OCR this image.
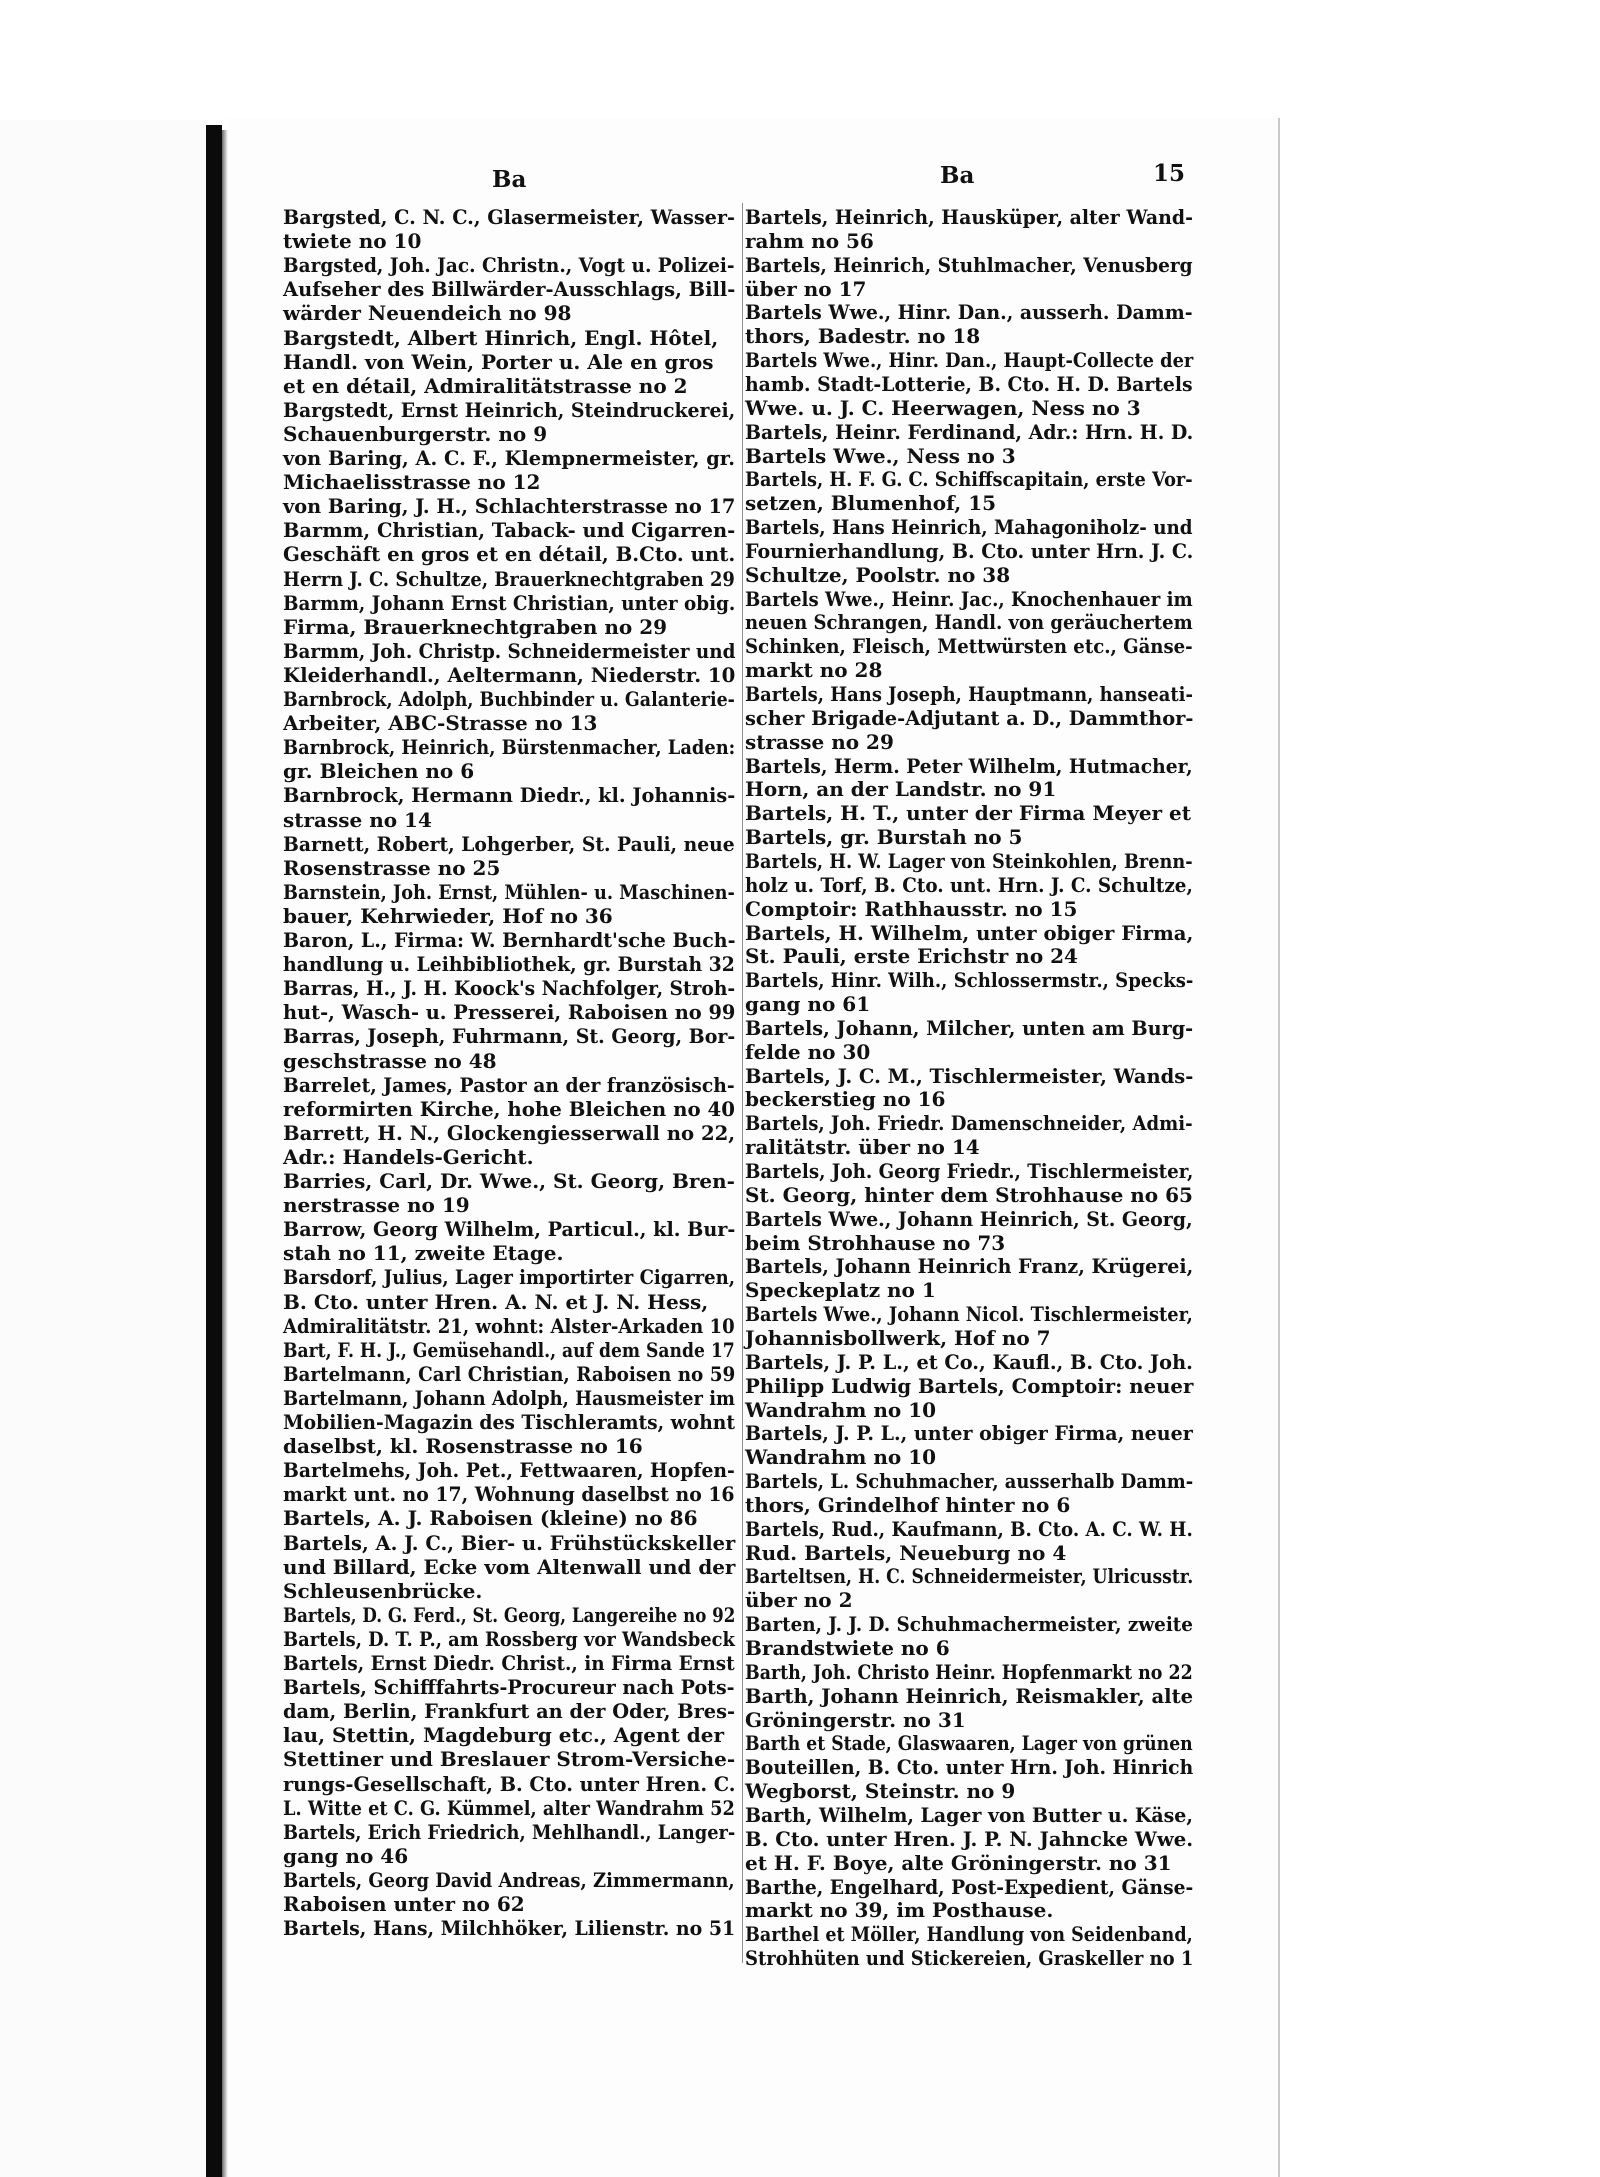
Ba	Ba	15
Bargsted, C. N. C., Glasermeister, Wasser-
twiete no 10
Bargsted, Joh. Jac. Christn., Vogt u. Polizei-
Aufseher des Billwärder-Ausschlags, Bill-
wärder Neuendeich no 98
Bargstedt, Albert Hinrich, Engl. Hôtel,
Handl. von Wein, Porter u. Ale en gros
et en détail, Admiralitätstrasse no 2
Bargstedt, Ernst Heinrich, Steindruckerei,
Schauenburgerstr. no 9
von Baring, A. C. F., Klempnermeister, gr.
Michaelisstrasse no 12
von Baring, J. H., Schlachterstrasse no 17
Barmm, Christian, Taback- und Cigarren-
Geschäft en gros et en détail, B.Cto. unt.
Herrn J. C. Schultze, Brauerknechtgraben 29
Barmm, Johann Ernst Christian, unter obig.
Firma, Brauerknechtgraben no 29
Barmm, Joh. Christp. Schneidermeister und
Kleiderhandl., Aeltermann, Niederstr. 10
Barnbrock, Adolph, Buchbinder u. Galanterie-
Arbeiter, ABC-Strasse no 13
Barnbrock, Heinrich, Bürstenmacher, Laden:
gr. Bleichen no 6
Barnbrock, Hermann Diedr., kl. Johannis-
strasse no 14
Barnett, Robert, Lohgerber, St. Pauli, neue
Rosenstrasse no 25
Barnstein, Joh. Ernst, Mühlen- u. Maschinen-
bauer, Kehrwieder, Hof no 36
Baron, L., Firma: W. Bernhardt'sche Buch-
handlung u. Leihbibliothek, gr. Burstah 32
Barras, H., J. H. Koock's Nachfolger, Stroh-
hut-, Wasch- u. Presserei, Raboisen no 99
Barras, Joseph, Fuhrmann, St. Georg, Bor-
geschstrasse no 48
Barrelet, James, Pastor an der französisch-
reformirten Kirche, hohe Bleichen no 40
Barrett, H. N., Glockengiesserwall no 22,
Adr.: Handels-Gericht.
Barries, Carl, Dr. Wwe., St. Georg, Bren-
nerstrasse no 19
Barrow, Georg Wilhelm, Particul., kl. Bur-
stah no 11, zweite Etage.
Barsdorf, Julius, Lager importirter Cigarren,
B. Cto. unter Hren. A. N. et J. N. Hess,
Admiralitätstr. 21, wohnt: Alster-Arkaden 10
Bart, F. H. J., Gemüsehandl., auf dem Sande 17
Bartelmann, Carl Christian, Raboisen no 59
Bartelmann, Johann Adolph, Hausmeister im
Mobilien-Magazin des Tischleramts, wohnt
daselbst, kl. Rosenstrasse no 16
Bartelmehs, Joh. Pet., Fettwaaren, Hopfen-
markt unt. no 17, Wohnung daselbst no 16
Bartels, A. J. Raboisen (kleine) no 86
Bartels, A. J. C., Bier- u. Frühstückskeller
und Billard, Ecke vom Altenwall und der
Schleusenbrücke.
Bartels, D. G. Ferd., St. Georg, Langereihe no 92
Bartels, D. T. P., am Rossberg vor Wandsbeck
Bartels, Ernst Diedr. Christ., in Firma Ernst
Bartels, Schifffahrts-Procureur nach Pots-
dam, Berlin, Frankfurt an der Oder, Bres-
lau, Stettin, Magdeburg etc., Agent der
Stettiner und Breslauer Strom-Versiche-
rungs-Gesellschaft, B. Cto. unter Hren. C.
L. Witte et C. G. Kümmel, alter Wandrahm 52
Bartels, Erich Friedrich, Mehlhandl., Langer-
gang no 46
Bartels, Georg David Andreas, Zimmermann,
Raboisen unter no 62
Bartels, Hans, Milchhöker, Lilienstr. no 51
Bartels, Heinrich, Hausküper, alter Wand-
rahm no 56
Bartels, Heinrich, Stuhlmacher, Venusberg
über no 17
Bartels Wwe., Hinr. Dan., ausserh. Damm-
thors, Badestr. no 18
Bartels Wwe., Hinr. Dan., Haupt-Collecte der
hamb. Stadt-Lotterie, B. Cto. H. D. Bartels
Wwe. u. J. C. Heerwagen, Ness no 3
Bartels, Heinr. Ferdinand, Adr.: Hrn. H. D.
Bartels Wwe., Ness no 3
Bartels, H. F. G. C. Schiffscapitain, erste Vor-
setzen, Blumenhof, 15
Bartels, Hans Heinrich, Mahagoniholz- und
Fournierhandlung, B. Cto. unter Hrn. J. C.
Schultze, Poolstr. no 38
Bartels Wwe., Heinr. Jac., Knochenhauer im
neuen Schrangen, Handl. von geräuchertem
Schinken, Fleisch, Mettwürsten etc., Gänse-
markt no 28
Bartels, Hans Joseph, Hauptmann, hanseati-
scher Brigade-Adjutant a. D., Dammthor-
strasse no 29
Bartels, Herm. Peter Wilhelm, Hutmacher,
Horn, an der Landstr. no 91
Bartels, H. T., unter der Firma Meyer et
Bartels, gr. Burstah no 5
Bartels, H. W. Lager von Steinkohlen, Brenn-
holz u. Torf, B. Cto. unt. Hrn. J. C. Schultze,
Comptoir: Rathhausstr. no 15
Bartels, H. Wilhelm, unter obiger Firma,
St. Pauli, erste Erichstr no 24
Bartels, Hinr. Wilh., Schlossermstr., Specks-
gang no 61
Bartels, Johann, Milcher, unten am Burg-
felde no 30
Bartels, J. C. M., Tischlermeister, Wands-
beckerstieg no 16
Bartels, Joh. Friedr. Damenschneider, Admi-
ralitätstr. über no 14
Bartels, Joh. Georg Friedr., Tischlermeister,
St. Georg, hinter dem Strohhause no 65
Bartels Wwe., Johann Heinrich, St. Georg,
beim Strohhause no 73
Bartels, Johann Heinrich Franz, Krügerei,
Speckeplatz no 1
Bartels Wwe., Johann Nicol. Tischlermeister,
Johannisbollwerk, Hof no 7
Bartels, J. P. L., et Co., Kaufl., B. Cto. Joh.
Philipp Ludwig Bartels, Comptoir: neuer
Wandrahm no 10
Bartels, J. P. L., unter obiger Firma, neuer
Wandrahm no 10
Bartels, L. Schuhmacher, ausserhalb Damm-
thors, Grindelhof hinter no 6
Bartels, Rud., Kaufmann, B. Cto. A. C. W. H.
Rud. Bartels, Neueburg no 4
Barteltsen, H. C. Schneidermeister, Ulricusstr.
über no 2
Barten, J. J. D. Schuhmachermeister, zweite
Brandstwiete no 6
Barth, Joh. Christo Heinr. Hopfenmarkt no 22
Barth, Johann Heinrich, Reismakler, alte
Gröningerstr. no 31
Barth et Stade, Glaswaaren, Lager von grünen
Bouteillen, B. Cto. unter Hrn. Joh. Hinrich
Wegborst, Steinstr. no 9
Barth, Wilhelm, Lager von Butter u. Käse,
B. Cto. unter Hren. J. P. N. Jahncke Wwe.
et H. F. Boye, alte Gröningerstr. no 31
Barthe, Engelhard, Post-Expedient, Gänse-
markt no 39, im Posthause.
Barthel et Möller, Handlung von Seidenband,
Strohhüten und Stickereien, Graskeller no 1
